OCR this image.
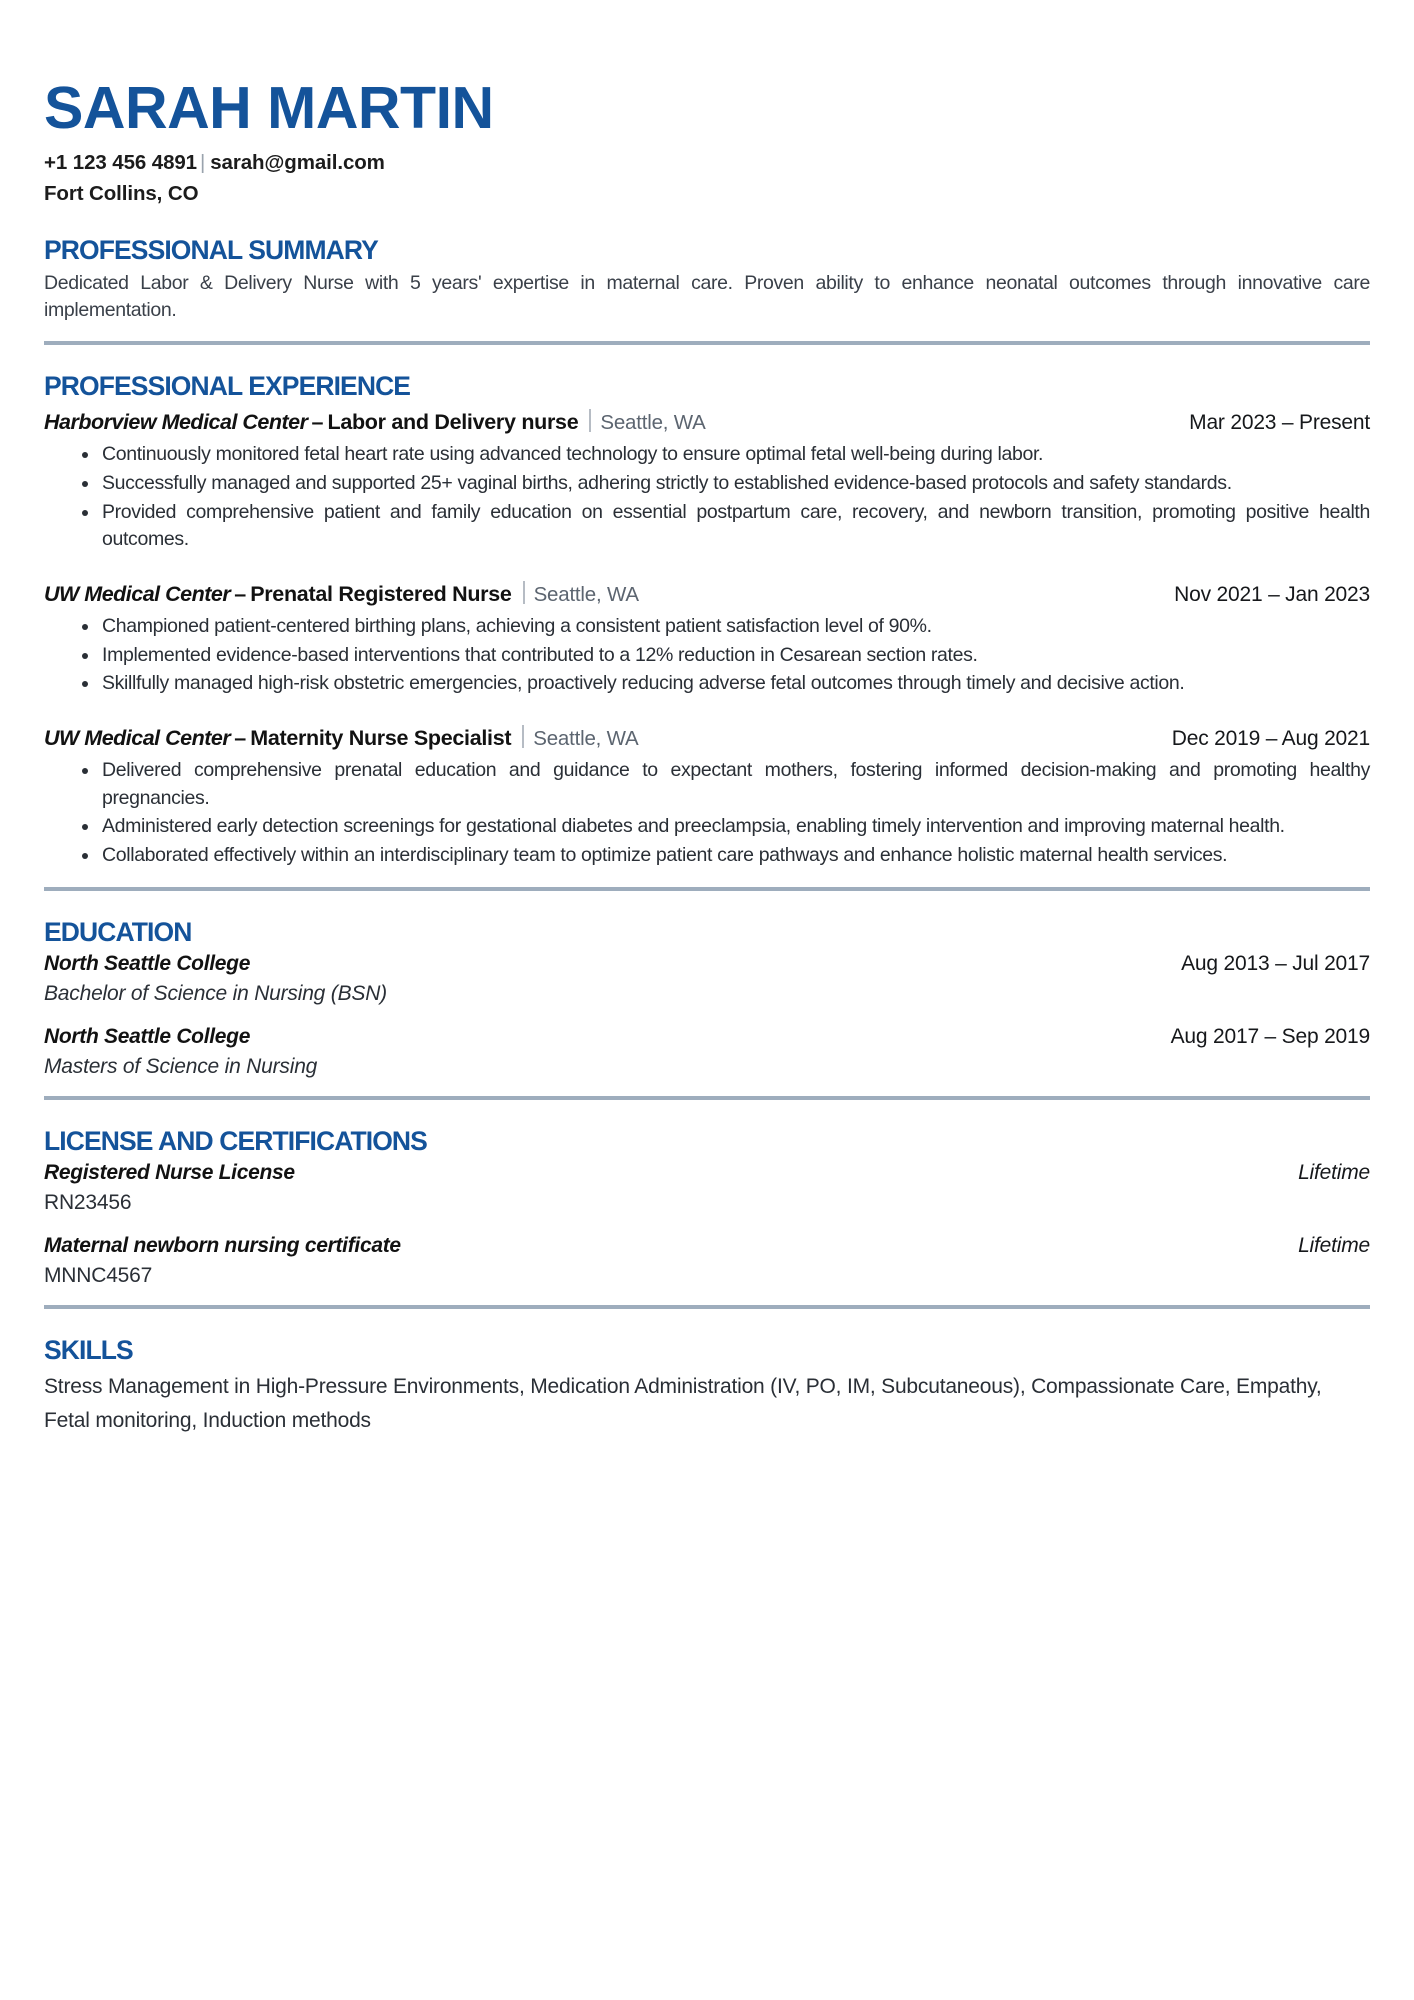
SARAH MARTIN
+1 123 456 4891 | sarah@gmail.com
Fort Collins, CO
PROFESSIONAL SUMMARY

Dedicated Labor & Delivery Nurse with 5 years' expertise in maternal care. Proven ability to enhance neonatal outcomes through innovative care implementation.

PROFESSIONAL EXPERIENCE
Harborview Medical Center – Labor and Delivery nurse Seattle, WA	Mar 2023 – Present
Continuously monitored fetal heart rate using advanced technology to ensure optimal fetal well-being during labor.
Successfully managed and supported 25+ vaginal births, adhering strictly to established evidence-based protocols and safety standards.
Provided comprehensive patient and family education on essential postpartum care, recovery, and newborn transition, promoting positive health outcomes.
UW Medical Center – Prenatal Registered Nurse Seattle, WA	Nov 2021 – Jan 2023
Championed patient-centered birthing plans, achieving a consistent patient satisfaction level of 90%.
Implemented evidence-based interventions that contributed to a 12% reduction in Cesarean section rates.
Skillfully managed high-risk obstetric emergencies, proactively reducing adverse fetal outcomes through timely and decisive action.
UW Medical Center – Maternity Nurse Specialist Seattle, WA	Dec 2019 – Aug 2021
Delivered comprehensive prenatal education and guidance to expectant mothers, fostering informed decision-making and promoting healthy pregnancies.
Administered early detection screenings for gestational diabetes and preeclampsia, enabling timely intervention and improving maternal health.
Collaborated effectively within an interdisciplinary team to optimize patient care pathways and enhance holistic maternal health services.
EDUCATION
North Seattle College	Aug 2013 – Jul 2017
Bachelor of Science in Nursing (BSN)
North Seattle College	Aug 2017 – Sep 2019
Masters of Science in Nursing
LICENSE AND CERTIFICATIONS
Registered Nurse License	Lifetime
RN23456
Maternal newborn nursing certificate	Lifetime
MNNC4567
SKILLS

Stress Management in High-Pressure Environments, Medication Administration (IV, PO, IM, Subcutaneous), Compassionate Care, Empathy, Fetal monitoring, Induction methods
